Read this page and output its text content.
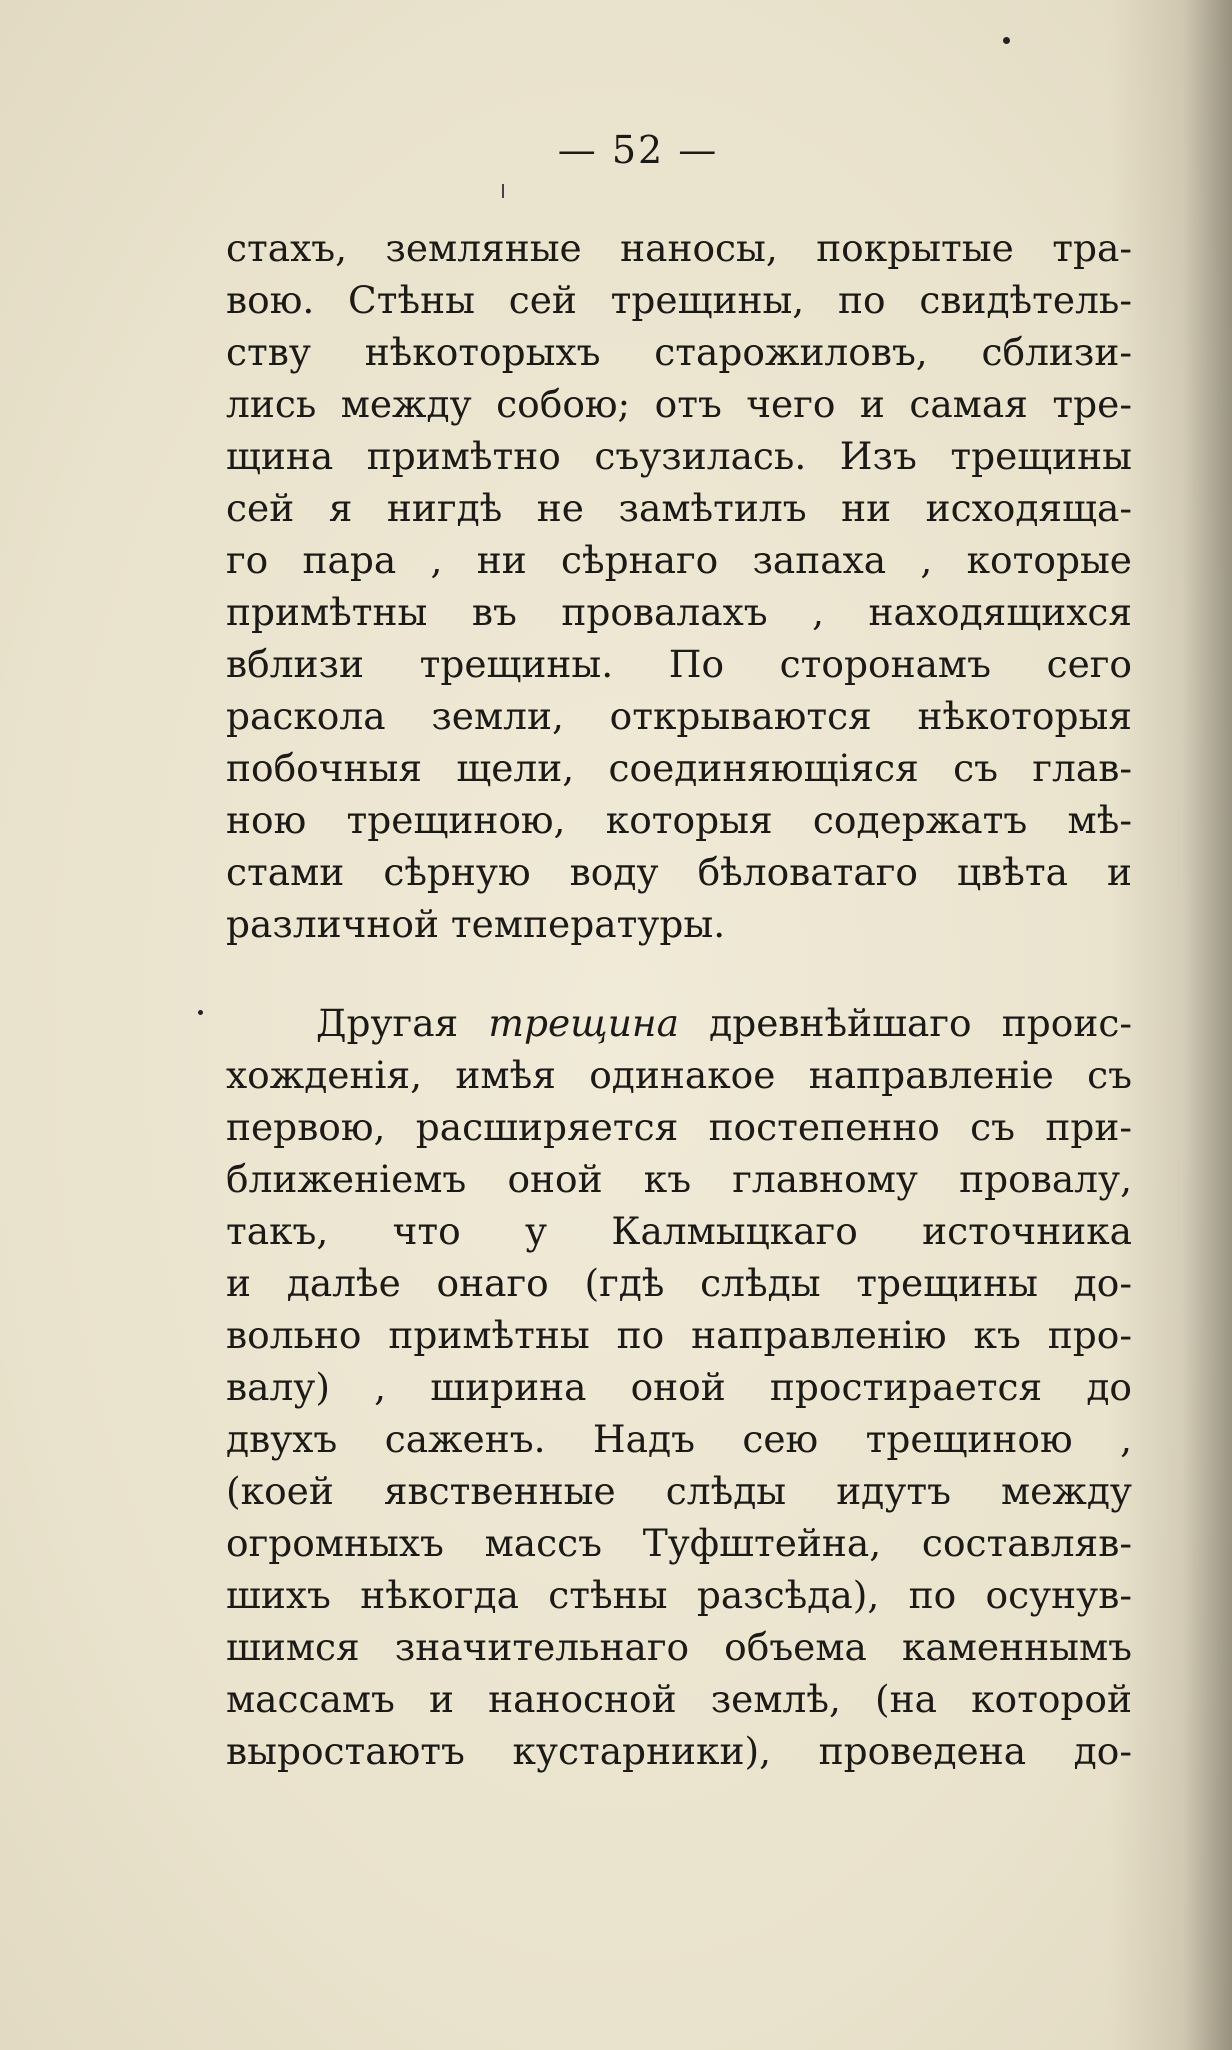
— 52 —
стахъ, земляные наносы, покрытые тра-
вою. Стѣны сей трещины, по свидѣтель-
ству нѣкоторыхъ старожиловъ, сблизи-
лись между собою; отъ чего и самая тре-
щина примѣтно съузилась. Изъ трещины
сей я нигдѣ не замѣтилъ ни исходяща-
го пара , ни сѣрнаго запаха , которые
примѣтны въ провалахъ , находящихся
вблизи трещины. По сторонамъ сего
раскола земли, открываются нѣкоторыя
побочныя щели, соединяющіяся съ глав-
ною трещиною, которыя содержатъ мѣ-
стами сѣрную воду бѣловатаго цвѣта и
различной температуры.
Другая трещина древнѣйшаго проис-
хожденія, имѣя одинакое направленіе съ
первою, расширяется постепенно съ при-
ближеніемъ оной къ главному провалу,
такъ, что у Калмыцкаго источника
и далѣе онаго (гдѣ слѣды трещины до-
вольно примѣтны по направленію къ про-
валу) , ширина оной простирается до
двухъ саженъ. Надъ сею трещиною ,
(коей явственные слѣды идутъ между
огромныхъ массъ Туфштейна, составляв-
шихъ нѣкогда стѣны разсѣда), по осунув-
шимся значительнаго объема каменнымъ
массамъ и наносной землѣ, (на которой
выростаютъ кустарники), проведена до-
